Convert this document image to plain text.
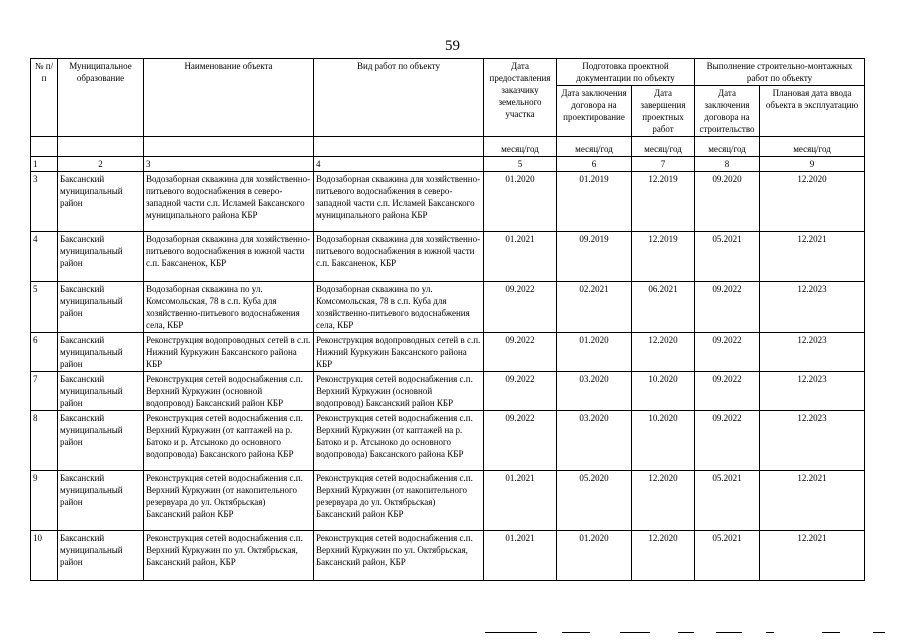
59
№ п/п	Муниципальное образование	Наименование объекта	Вид работ по объекту	Дата предоставления заказчику земельного участка	Подготовка проектной документации по объекту		Выполнение строительно-монтажных работ по объекту	
					Дата заключения договора на проектирование	Дата завершения проектных работ	Дата заключения договора на строительство	Плановая дата ввода объекта в эксплуатацию
				месяц/год	месяц/год	месяц/год	месяц/год	месяц/год
1	2	3	4	5	6	7	8	9
3	Баксанский муниципальный район	Водозаборная скважина для хозяйственно-питьевого водоснабжения в северо-западной части с.п. Исламей Баксанского муниципального района КБР	Водозаборная скважина для хозяйственно-питьевого водоснабжения в северо-западной части с.п. Исламей Баксанского муниципального района КБР	01.2020	01.2019	12.2019	09.2020	12.2020
4	Баксанский муниципальный район	Водозаборная скважина для хозяйственно-питьевого водоснабжения в южной части с.п. Баксаненок, КБР	Водозаборная скважина для хозяйственно-питьевого водоснабжения в южной части с.п. Баксаненок, КБР	01.2021	09.2019	12.2019	05.2021	12.2021
5	Баксанский муниципальный район	Водозаборная скважина по ул. Комсомольская, 78 в с.п. Куба для хозяйственно-питьевого водоснабжения села, КБР	Водозаборная скважина по ул. Комсомольская, 78 в с.п. Куба для хозяйственно-питьевого водоснабжения села, КБР	09.2022	02.2021	06.2021	09.2022	12.2023
6	Баксанский муниципальный район	Реконструкция водопроводных сетей в с.п. Нижний Куркужин Баксанского района КБР	Реконструкция водопроводных сетей в с.п. Нижний Куркужин Баксанского района КБР	09.2022	01.2020	12.2020	09.2022	12.2023
7	Баксанский муниципальный район	Реконструкция сетей водоснабжения с.п. Верхний Куркужин (основной водопровод) Баксанский район КБР	Реконструкция сетей водоснабжения с.п. Верхний Куркужин (основной водопровод) Баксанский район КБР	09.2022	03.2020	10.2020	09.2022	12.2023
8	Баксанский муниципальный район	Реконструкция сетей водоснабжения с.п. Верхний Куркужин (от каптажей на р. Батоко и р. Атсыноко до основного водопровода) Баксанского района КБР	Реконструкция сетей водоснабжения с.п. Верхний Куркужин (от каптажей на р. Батоко и р. Атсыноко до основного водопровода) Баксанского района КБР	09.2022	03.2020	10.2020	09.2022	12.2023
9	Баксанский муниципальный район	Реконструкция сетей водоснабжения с.п. Верхний Куркужин (от накопительного резервуара до ул. Октябрьская) Баксанский район КБР	Реконструкция сетей водоснабжения с.п. Верхний Куркужин (от накопительного резервуара до ул. Октябрьская) Баксанский район КБР	01.2021	05.2020	12.2020	05.2021	12.2021
10	Баксанский муниципальный район	Реконструкция сетей водоснабжения с.п. Верхний Куркужин по ул. Октябрьская, Баксанский район, КБР	Реконструкция сетей водоснабжения с.п. Верхний Куркужин по ул. Октябрьская, Баксанский район, КБР	01.2021	01.2020	12.2020	05.2021	12.2021
